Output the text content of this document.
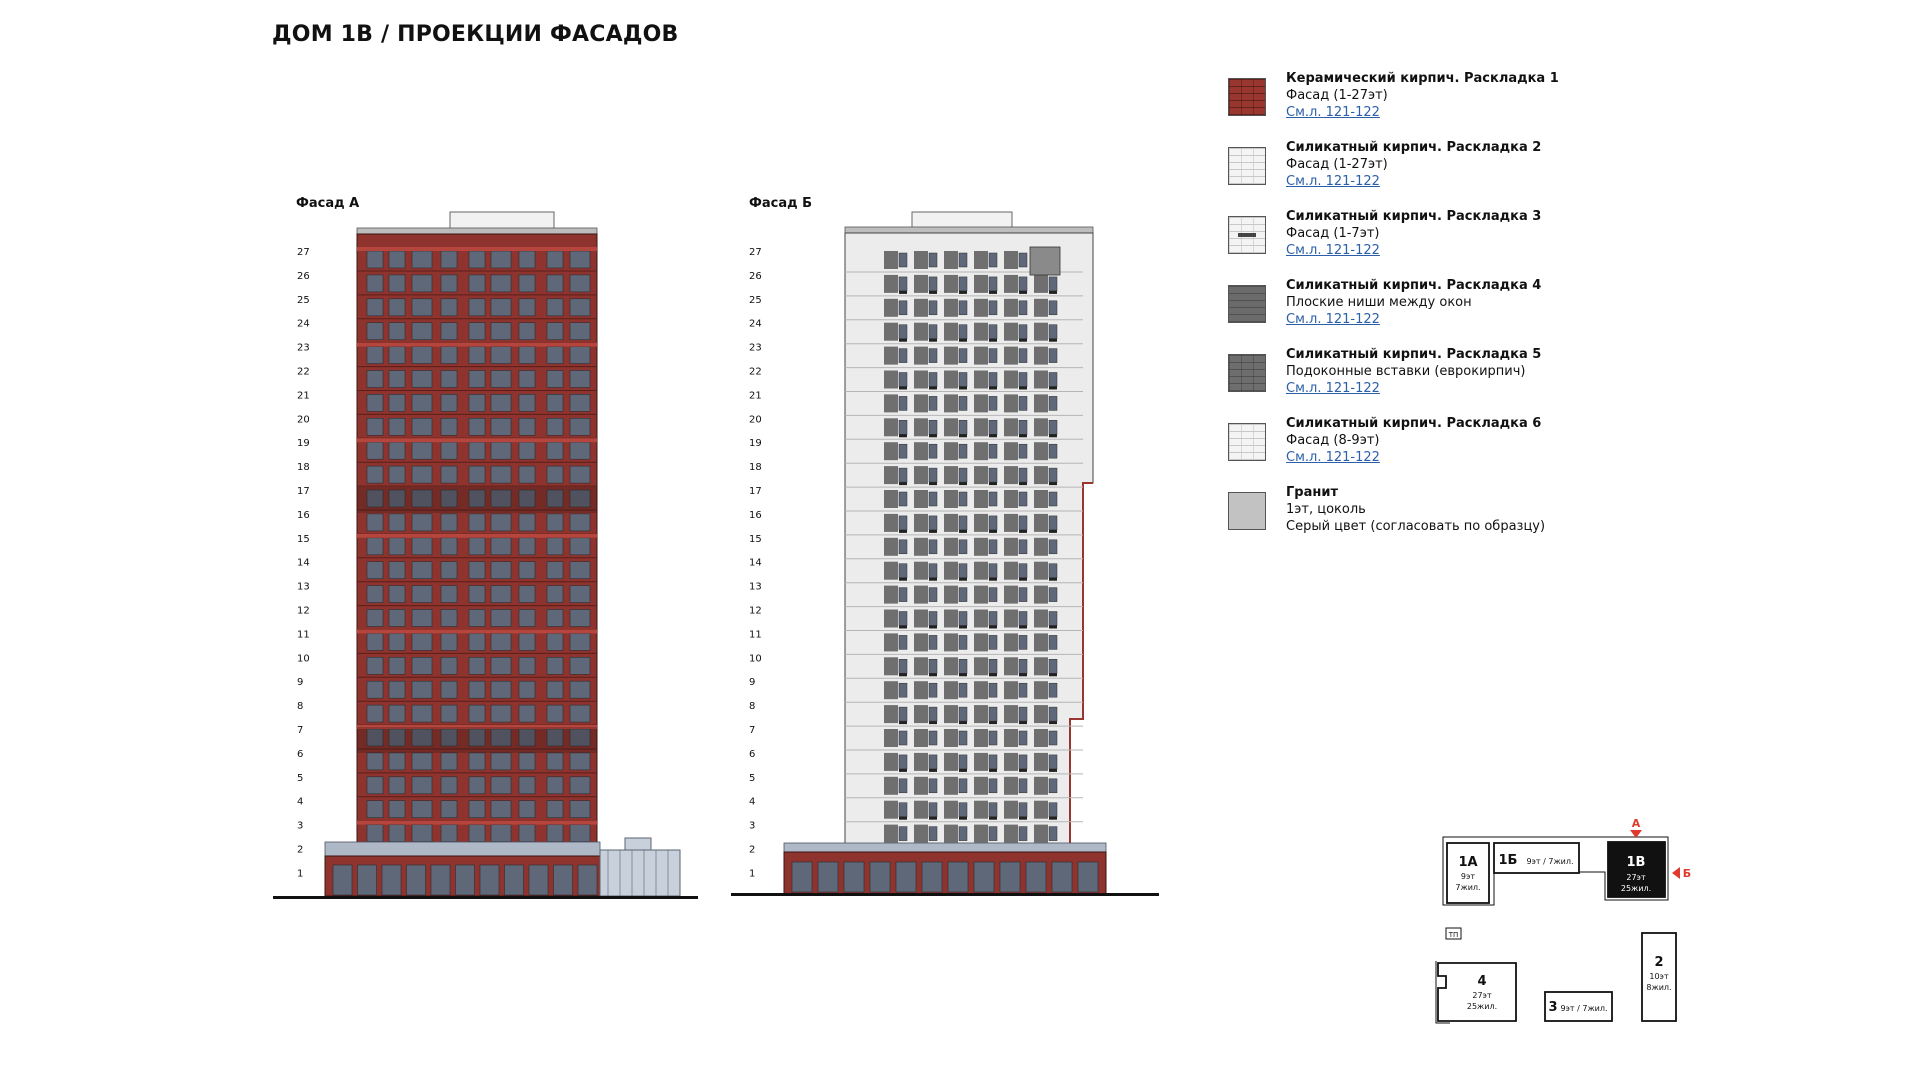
ДОМ 1В / ПРОЕКЦИИ ФАСАДОВ
Фасад А
27
26
25
24
23
22
21
20
19
18
17
16
15
14
13
12
11
10
9
8
7
6
5
4
3
2
1
Фасад Б
27
26
25
24
23
22
21
20
19
18
17
16
15
14
13
12
11
10
9
8
7
6
5
4
3
2
1
1А
9эт
7жил.
1Б 9эт / 7жил.	1В
27эт
25жил.
А
Б
ТП
2
10эт
8жил.
4
27эт
25жил.	3 9эт / 7жил.
Керамический кирпич. Раскладка 1
Фасад (1-27эт)
См.л. 121-122
Силикатный кирпич. Раскладка 2
Фасад (1-27эт)
См.л. 121-122
Силикатный кирпич. Раскладка 3
Фасад (1-7эт)
См.л. 121-122
Силикатный кирпич. Раскладка 4
Плоские ниши между окон
См.л. 121-122
Силикатный кирпич. Раскладка 5
Подоконные вставки (еврокирпич)
См.л. 121-122
Силикатный кирпич. Раскладка 6
Фасад (8-9эт)
См.л. 121-122
Гранит
1эт, цоколь
Серый цвет (согласовать по образцу)
